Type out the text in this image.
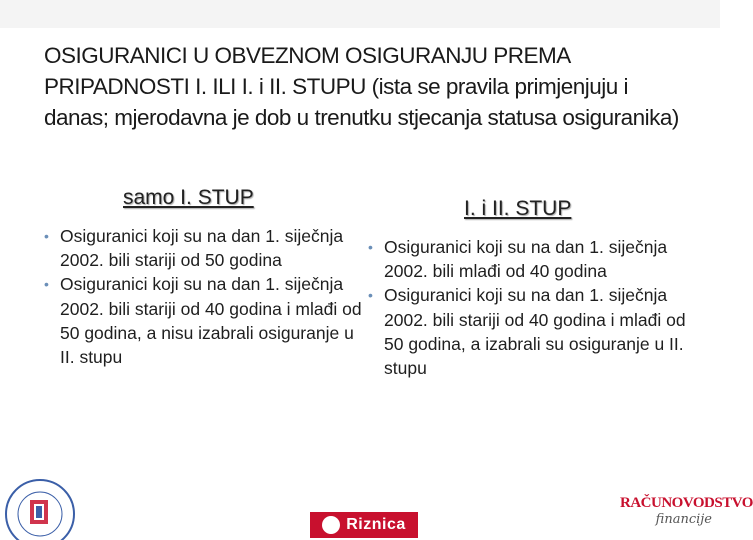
OSIGURANICI U OBVEZNOM OSIGURANJU PREMA PRIPADNOSTI I. ILI I. i II. STUPU (ista se pravila primjenjuju i danas; mjerodavna je dob u trenutku stjecanja statusa osiguranika)
samo I. STUP	I. i II. STUP

• Osiguranici koji su na dan 1. siječnja 2002. bili stariji od 50 godina

• Osiguranici koji su na dan 1. siječnja 2002. bili stariji od 40 godina i mlađi od 50 godina, a nisu izabrali osiguranje u II. stupu

• Osiguranici koji su na dan 1. siječnja 2002. bili mlađi od 40 godina

• Osiguranici koji su na dan 1. siječnja 2002. bili stariji od 40 godina i mlađi od 50 godina, a izabrali su osiguranje u II. stupu

Riznica
RAČUNOVODSTVO
financije
